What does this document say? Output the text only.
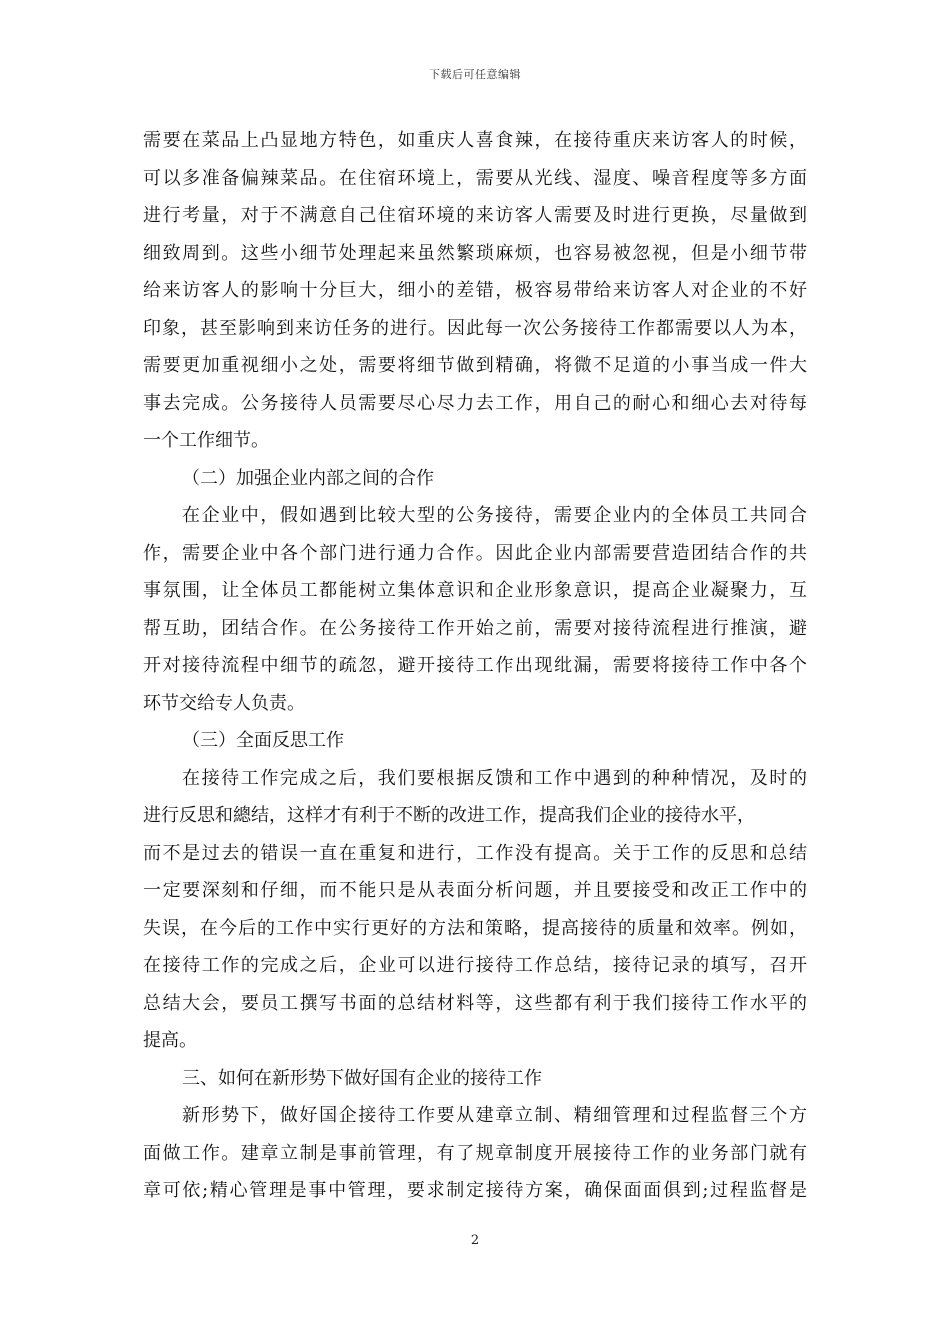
下载后可任意编辑
需要在菜品上凸显地方特色，如重庆人喜食辣，在接待重庆来访客人的时候，
可以多准备偏辣菜品。在住宿环境上，需要从光线、湿度、噪音程度等多方面
进行考量，对于不满意自己住宿环境的来访客人需要及时进行更换，尽量做到
细致周到。这些小细节处理起来虽然繁琐麻烦，也容易被忽视，但是小细节带
给来访客人的影响十分巨大，细小的差错，极容易带给来访客人对企业的不好
印象，甚至影响到来访任务的进行。因此每一次公务接待工作都需要以人为本，
需要更加重视细小之处，需要将细节做到精确，将微不足道的小事当成一件大
事去完成。公务接待人员需要尽心尽力去工作，用自己的耐心和细心去对待每
一个工作细节。
（二）加强企业内部之间的合作
在企业中，假如遇到比较大型的公务接待，需要企业内的全体员工共同合
作，需要企业中各个部门进行通力合作。因此企业内部需要营造团结合作的共
事氛围，让全体员工都能树立集体意识和企业形象意识，提高企业凝聚力，互
帮互助，团结合作。在公务接待工作开始之前，需要对接待流程进行推演，避
开对接待流程中细节的疏忽，避开接待工作出现纰漏，需要将接待工作中各个
环节交给专人负责。
（三）全面反思工作
在接待工作完成之后，我们要根据反馈和工作中遇到的种种情况，及时的
进行反思和總结，这样才有利于不断的改进工作，提高我们企业的接待水平，
而不是过去的错误一直在重复和进行，工作没有提高。关于工作的反思和总结
一定要深刻和仔细，而不能只是从表面分析问题，并且要接受和改正工作中的
失误，在今后的工作中实行更好的方法和策略，提高接待的质量和效率。例如，
在接待工作的完成之后，企业可以进行接待工作总结，接待记录的填写，召开
总结大会，要员工撰写书面的总结材料等，这些都有利于我们接待工作水平的
提高。
三、如何在新形势下做好国有企业的接待工作
新形势下，做好国企接待工作要从建章立制、精细管理和过程监督三个方
面做工作。建章立制是事前管理，有了规章制度开展接待工作的业务部门就有
章可依;精心管理是事中管理，要求制定接待方案，确保面面俱到;过程监督是
2
